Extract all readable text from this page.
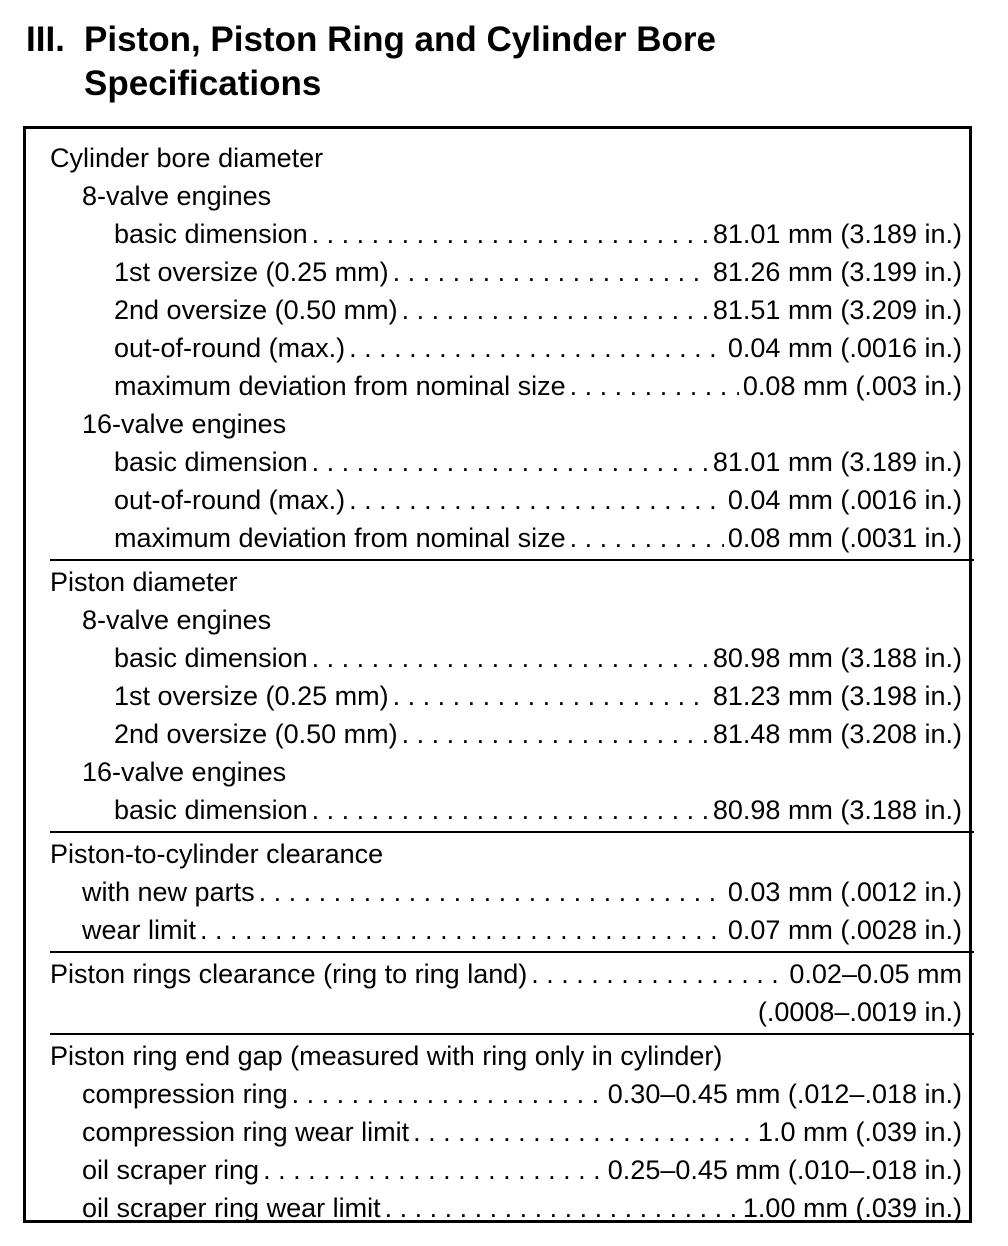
III. Piston, Piston Ring and Cylinder Bore
Specifications
Cylinder bore diameter
8-valve engines
basic dimension . . .	81.01 mm (3.189 in.)
1st oversize (0.25 mm) . . .	81.26 mm (3.199 in.)
2nd oversize (0.50 mm) . . .	81.51 mm (3.209 in.)
out-of-round (max.) . . .	0.04 mm (.0016 in.)
maximum deviation from nominal size . . .	0.08 mm (.003 in.)
16-valve engines
basic dimension . . .	81.01 mm (3.189 in.)
out-of-round (max.) . . .	0.04 mm (.0016 in.)
maximum deviation from nominal size . . .	0.08 mm (.0031 in.)
Piston diameter
8-valve engines
basic dimension . . .	80.98 mm (3.188 in.)
1st oversize (0.25 mm) . . .	81.23 mm (3.198 in.)
2nd oversize (0.50 mm) . . .	81.48 mm (3.208 in.)
16-valve engines
basic dimension . . .	80.98 mm (3.188 in.)
Piston-to-cylinder clearance
with new parts . . .	0.03 mm (.0012 in.)
wear limit . . .	0.07 mm (.0028 in.)
Piston rings clearance (ring to ring land) . . .	0.02–0.05 mm
(.0008–.0019 in.)
Piston ring end gap (measured with ring only in cylinder)
compression ring . . .	0.30–0.45 mm (.012–.018 in.)
compression ring wear limit . . .	1.0 mm (.039 in.)
oil scraper ring . . .	0.25–0.45 mm (.010–.018 in.)
oil scraper ring wear limit . . .	1.00 mm (.039 in.)
